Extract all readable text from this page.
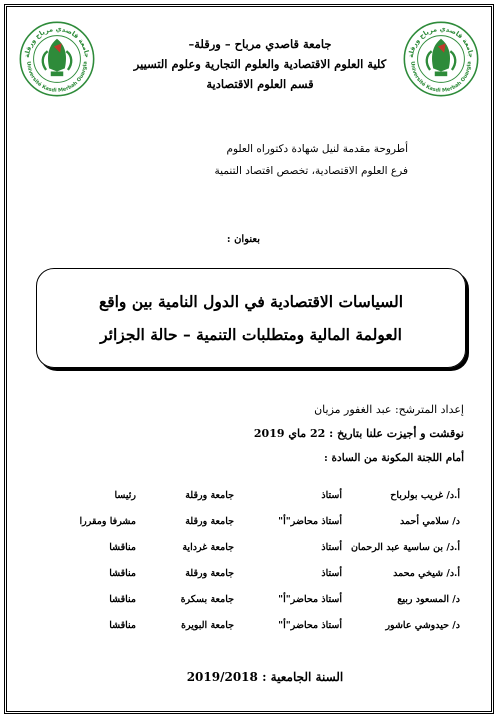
جامعة قاصدي مرباح ورقلة
Université Kasdi Merbah Ouargla
جامعة قاصدي مرباح ورقلة
Université Kasdi Merbah Ouargla
جامعة قاصدي مرباح – ورقلة–
كلية العلوم الاقتصادية والعلوم التجارية وعلوم التسيير
قسم العلوم الاقتصادية
أطروحة مقدمة لنيل شهادة دكتوراه العلوم
فرع العلوم الاقتصادية، تخصص اقتصاد التنمية
بعنوان :
السياسات الاقتصادية في الدول النامية بين واقع
العولمة المالية ومتطلبات التنمية – حالة الجزائر
إعداد المترشح: عبد الغفور مزيان
نوقشت و أجيزت علنا بتاريخ : 22 ماي 2019
أمام اللجنة المكونة من السادة :
أ.د/ غريب بولرباح	أستاذ	جامعة ورقلة	رئيسا
د/ سلامي أحمد	أستاذ محاضر"أ"	جامعة ورقلة	مشرفا ومقررا
أ.د/ بن ساسية عبد الرحمان	أستاذ	جامعة غرداية	مناقشا
أ.د/ شيخي محمد	أستاذ	جامعة ورقلة	مناقشا
د/ المسعود ربيع	أستاذ محاضر"أ"	جامعة بسكرة	مناقشا
د/ حيدوشي عاشور	أستاذ محاضر"أ"	جامعة البويرة	مناقشا
السنة الجامعية : 2019/2018
